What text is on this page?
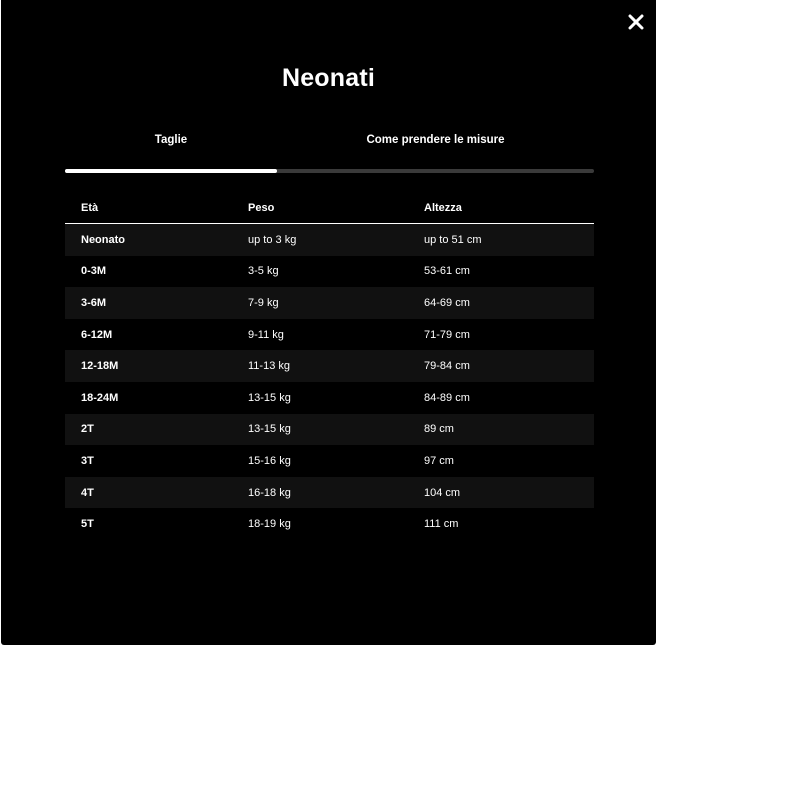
Neonati
Taglie	Come prendere le misure
Età	Peso	Altezza
Neonato	up to 3 kg	up to 51 cm
0-3M	3-5 kg	53-61 cm
3-6M	7-9 kg	64-69 cm
6-12M	9-11 kg	71-79 cm
12-18M	11-13 kg	79-84 cm
18-24M	13-15 kg	84-89 cm
2T	13-15 kg	89 cm
3T	15-16 kg	97 cm
4T	16-18 kg	104 cm
5T	18-19 kg	111 cm
